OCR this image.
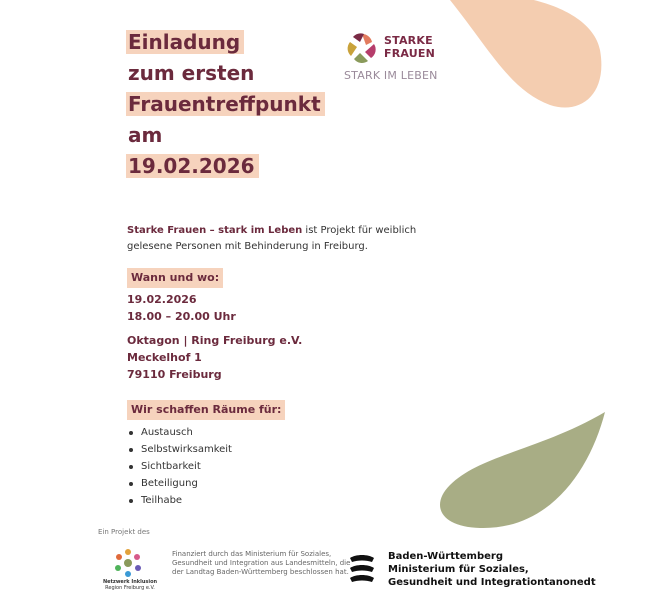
Einladung
zum ersten
Frauentreffpunkt
am
19.02.2026
STARKE
FRAUEN
STARK IM LEBEN
Starke Frauen – stark im Leben ist Projekt für weiblich gelesene Personen mit Behinderung in Freiburg.
Wann und wo:
19.02.2026
18.00 – 20.00 Uhr
Oktagon | Ring Freiburg e.V.
Meckelhof 1
79110 Freiburg
Wir schaffen Räume für:
Austausch
Selbstwirksamkeit
Sichtbarkeit
Beteiligung
Teilhabe
Ein Projekt des
Netzwerk Inklusion
Region Freiburg e.V.
Finanziert durch das Ministerium für Soziales, Gesundheit und Integration aus Landesmitteln, die der Landtag Baden-Württemberg beschlossen hat.
Baden-Württemberg
Ministerium für Soziales,
Gesundheit und Integrationtanonedt
